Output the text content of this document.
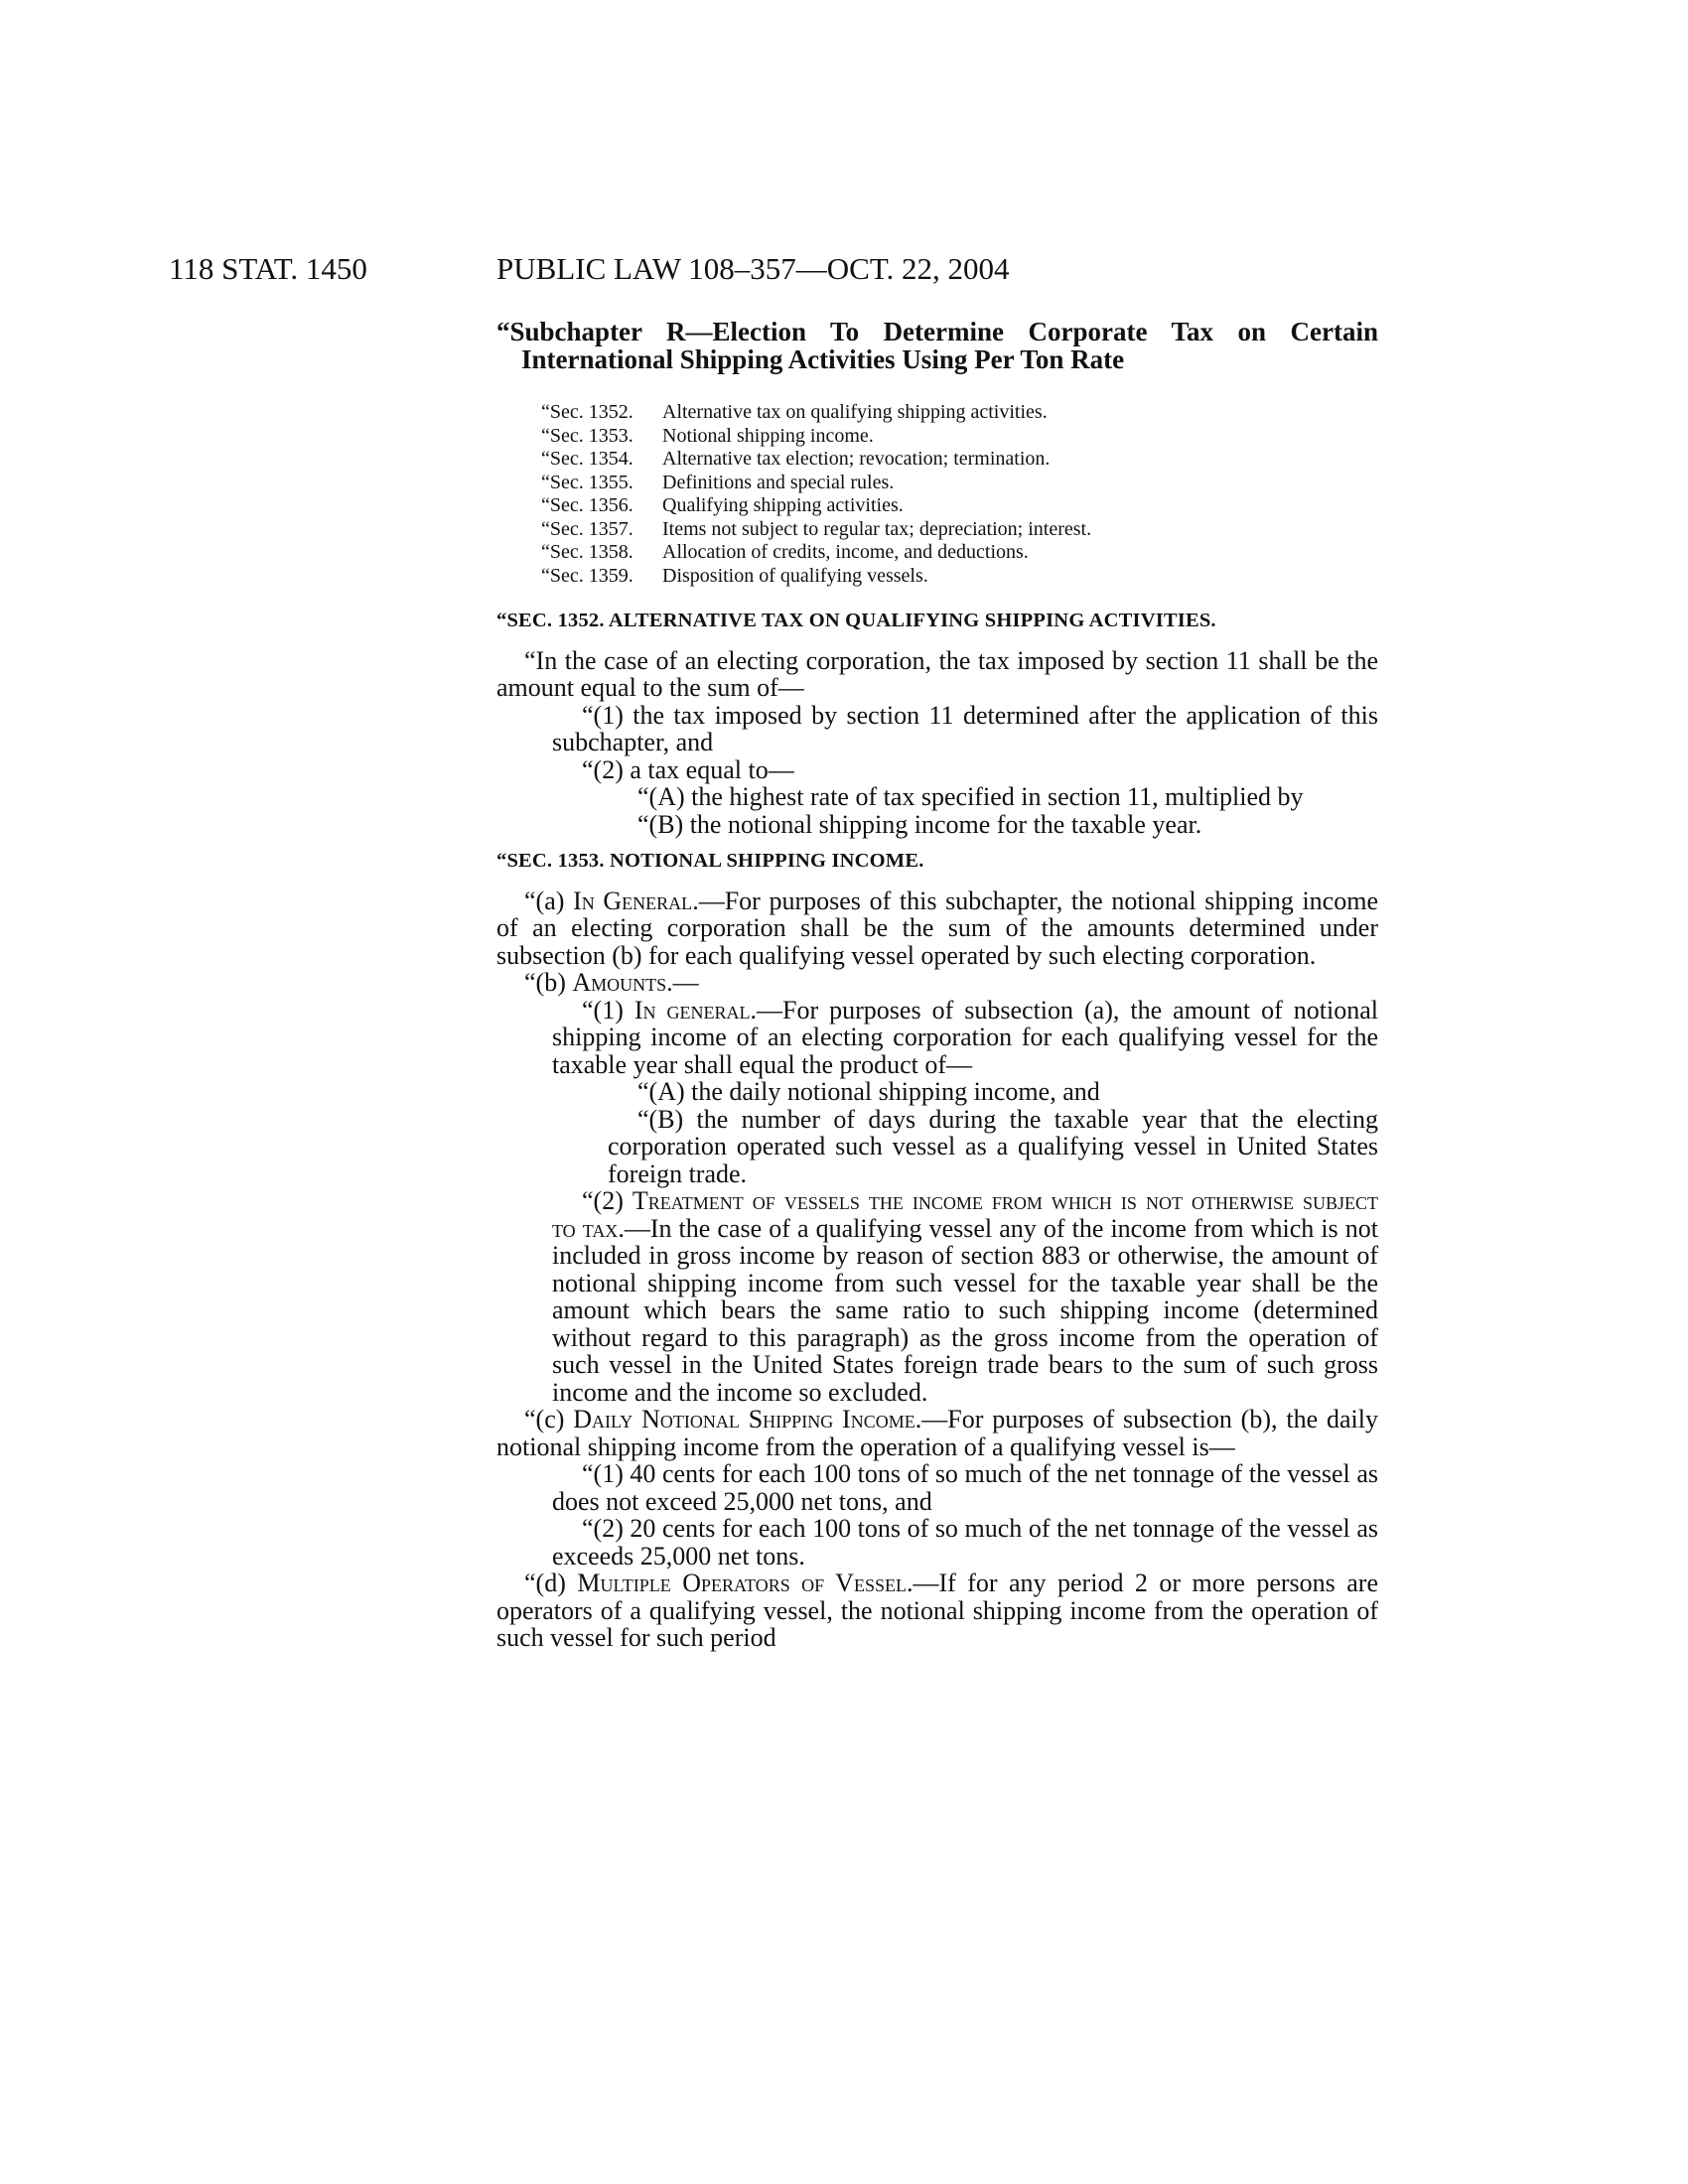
118 STAT. 1450	PUBLIC LAW 108–357—OCT. 22, 2004

“Subchapter R—Election To Determine Corporate Tax on Certain International Shipping Activities Using Per Ton Rate

“Sec. 1352.	Alternative tax on qualifying shipping activities.
“Sec. 1353.	Notional shipping income.
“Sec. 1354.	Alternative tax election; revocation; termination.
“Sec. 1355.	Definitions and special rules.
“Sec. 1356.	Qualifying shipping activities.
“Sec. 1357.	Items not subject to regular tax; depreciation; interest.
“Sec. 1358.	Allocation of credits, income, and deductions.
“Sec. 1359.	Disposition of qualifying vessels.
“SEC. 1352. ALTERNATIVE TAX ON QUALIFYING SHIPPING ACTIVITIES.

“In the case of an electing corporation, the tax imposed by section 11 shall be the amount equal to the sum of—

“(1) the tax imposed by section 11 determined after the application of this subchapter, and

“(2) a tax equal to—

“(A) the highest rate of tax specified in section 11, multiplied by

“(B) the notional shipping income for the taxable year.

“SEC. 1353. NOTIONAL SHIPPING INCOME.

“(a) In General.—For purposes of this subchapter, the notional shipping income of an electing corporation shall be the sum of the amounts determined under subsection (b) for each qualifying vessel operated by such electing corporation.

“(b) Amounts.—

“(1) In general.—For purposes of subsection (a), the amount of notional shipping income of an electing corporation for each qualifying vessel for the taxable year shall equal the product of—

“(A) the daily notional shipping income, and

“(B) the number of days during the taxable year that the electing corporation operated such vessel as a qualifying vessel in United States foreign trade.

“(2) Treatment of vessels the income from which is not otherwise subject to tax.—In the case of a qualifying vessel any of the income from which is not included in gross income by reason of section 883 or otherwise, the amount of notional shipping income from such vessel for the taxable year shall be the amount which bears the same ratio to such shipping income (determined without regard to this paragraph) as the gross income from the operation of such vessel in the United States foreign trade bears to the sum of such gross income and the income so excluded.

“(c) Daily Notional Shipping Income.—For purposes of subsection (b), the daily notional shipping income from the operation of a qualifying vessel is—

“(1) 40 cents for each 100 tons of so much of the net tonnage of the vessel as does not exceed 25,000 net tons, and

“(2) 20 cents for each 100 tons of so much of the net tonnage of the vessel as exceeds 25,000 net tons.

“(d) Multiple Operators of Vessel.—If for any period 2 or more persons are operators of a qualifying vessel, the notional shipping income from the operation of such vessel for such period
